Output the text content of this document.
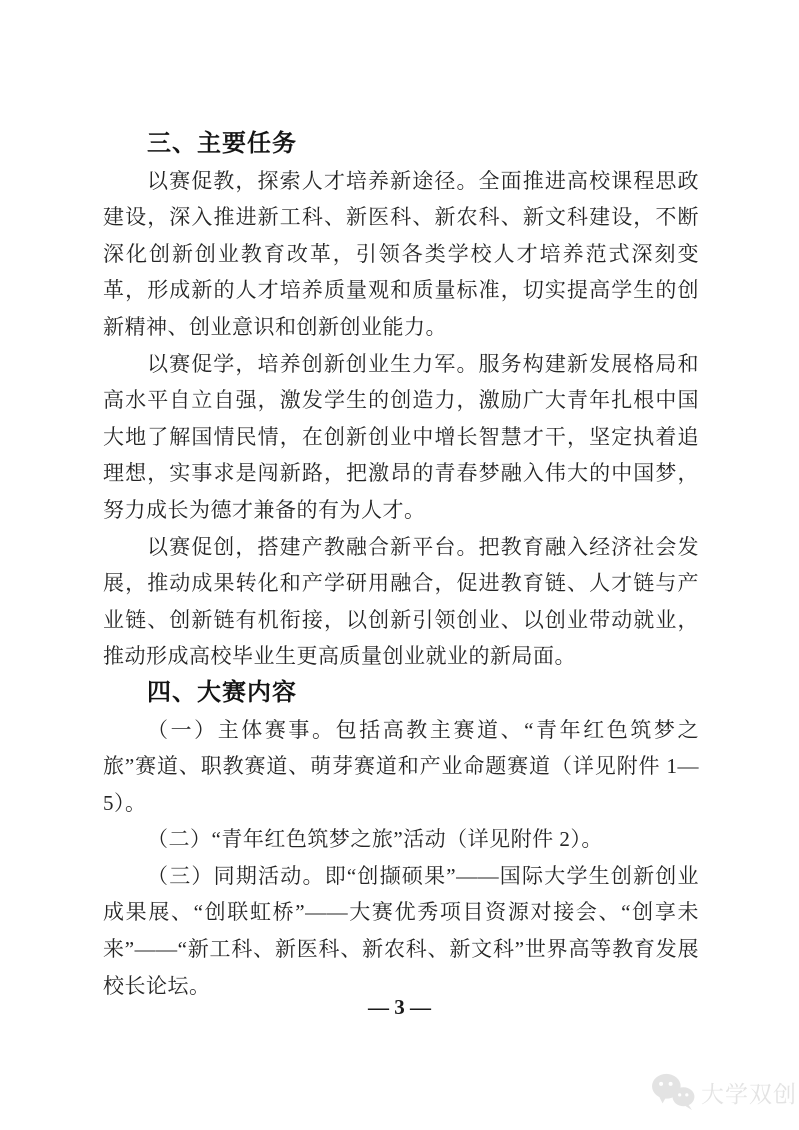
三、主要任务

以赛促教，探索人才培养新途径。全面推进高校课程思政建设，深入推进新工科、新医科、新农科、新文科建设，不断深化创新创业教育改革，引领各类学校人才培养范式深刻变革，形成新的人才培养质量观和质量标准，切实提高学生的创新精神、创业意识和创新创业能力。

以赛促学，培养创新创业生力军。服务构建新发展格局和高水平自立自强，激发学生的创造力，激励广大青年扎根中国大地了解国情民情，在创新创业中增长智慧才干，坚定执着追理想，实事求是闯新路，把激昂的青春梦融入伟大的中国梦，努力成长为德才兼备的有为人才。

以赛促创，搭建产教融合新平台。把教育融入经济社会发展，推动成果转化和产学研用融合，促进教育链、人才链与产业链、创新链有机衔接，以创新引领创业、以创业带动就业，推动形成高校毕业生更高质量创业就业的新局面。

四、大赛内容

（一）主体赛事。包括高教主赛道、“青年红色筑梦之旅”赛道、职教赛道、萌芽赛道和产业命题赛道（详见附件 1—5）。

（二）“青年红色筑梦之旅”活动（详见附件 2）。

（三）同期活动。即“创撷硕果”——国际大学生创新创业成果展、“创联虹桥”——大赛优秀项目资源对接会、“创享未来”——“新工科、新医科、新农科、新文科”世界高等教育发展校长论坛。

— 3 —
大学双创
